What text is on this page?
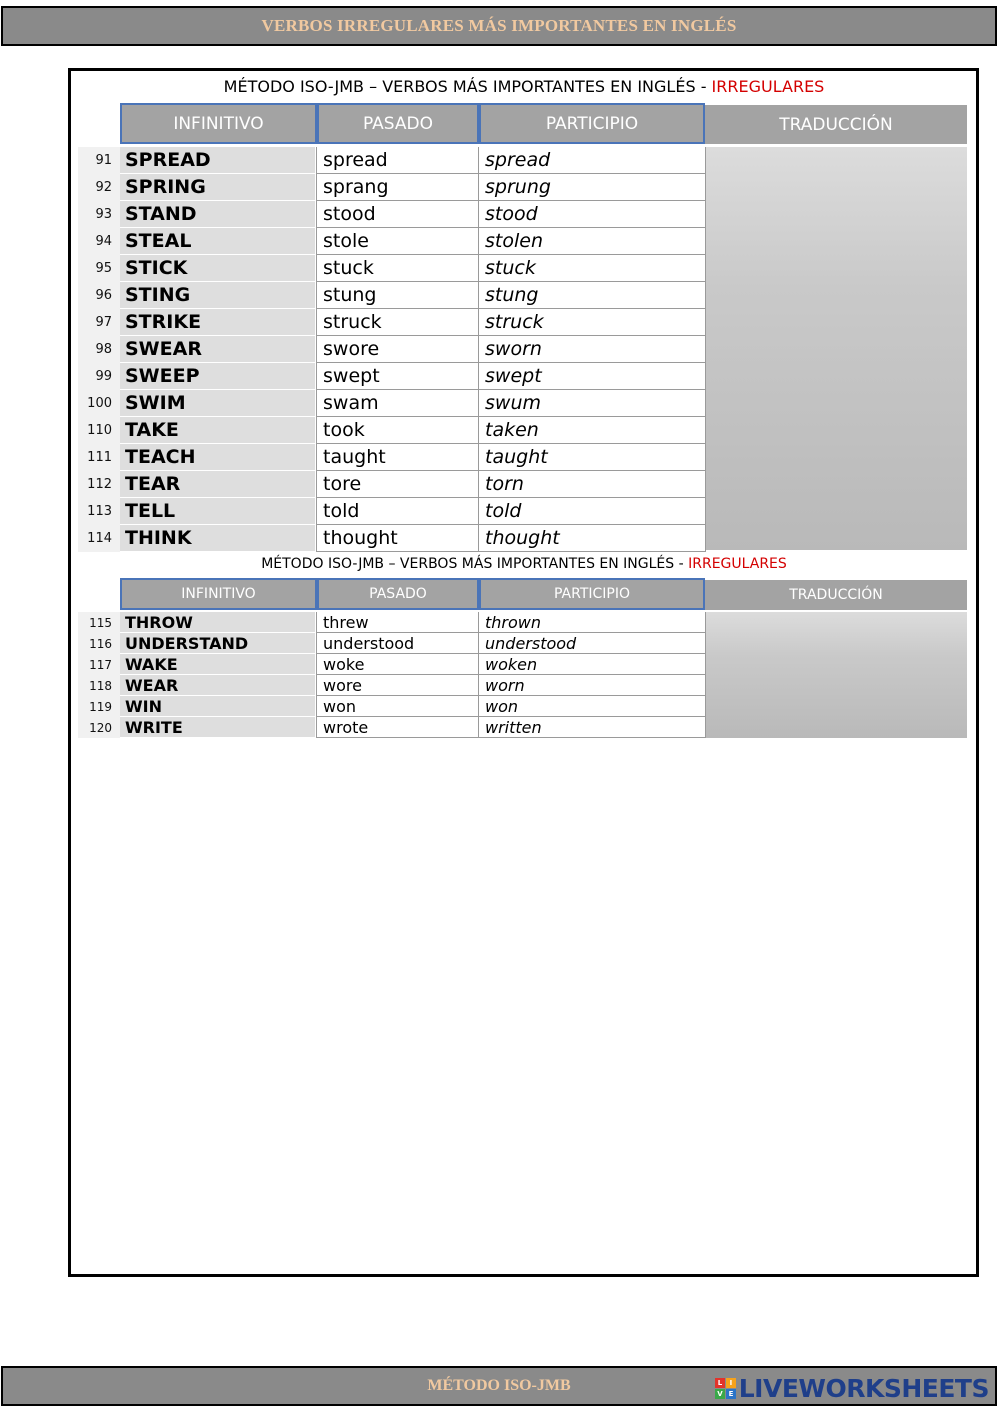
VERBOS IRREGULARES MÁS IMPORTANTES EN INGLÉS
MÉTODO ISO-JMB – VERBOS MÁS IMPORTANTES EN INGLÉS - IRREGULARES
INFINITIVO	PASADO	PARTICIPIO	TRADUCCIÓN
91 SPREAD	spread	spread
92 SPRING	sprang	sprung
93 STAND	stood	stood
94 STEAL	stole	stolen
95 STICK	stuck	stuck
96 STING	stung	stung
97 STRIKE	struck	struck
98 SWEAR	swore	sworn
99 SWEEP	swept	swept
100 SWIM	swam	swum
110 TAKE	took	taken
111 TEACH	taught	taught
112 TEAR	tore	torn
113 TELL	told	told
114 THINK	thought	thought
MÉTODO ISO-JMB – VERBOS MÁS IMPORTANTES EN INGLÉS - IRREGULARES
INFINITIVO	PASADO	PARTICIPIO	TRADUCCIÓN
115 THROW	threw	thrown
116 UNDERSTAND	understood	understood
117 WAKE	woke	woken
118 WEAR	wore	worn
119 WIN	won	won
120 WRITE	wrote	written
MÉTODO ISO-JMB	L	I
V E LIVEWORKSHEETS
